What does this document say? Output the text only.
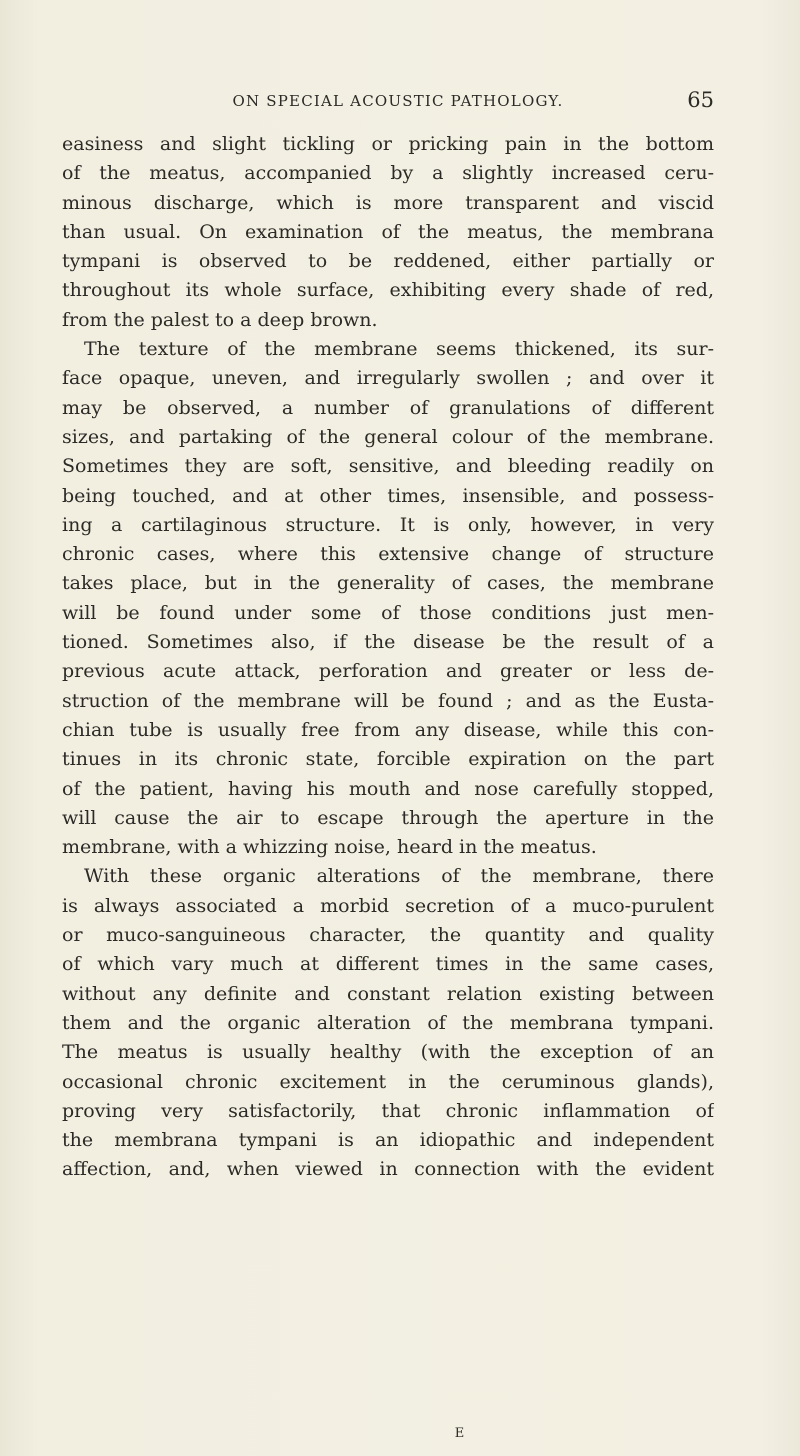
ON SPECIAL ACOUSTIC PATHOLOGY.	65
easiness and slight tickling or pricking pain in the bottom
of the meatus, accompanied by a slightly increased ceru-
minous discharge, which is more transparent and viscid
than usual. On examination of the meatus, the membrana
tympani is observed to be reddened, either partially or
throughout its whole surface, exhibiting every shade of red,
from the palest to a deep brown.
The texture of the membrane seems thickened, its sur-
face opaque, uneven, and irregularly swollen ; and over it
may be observed, a number of granulations of different
sizes, and partaking of the general colour of the membrane.
Sometimes they are soft, sensitive, and bleeding readily on
being touched, and at other times, insensible, and possess-
ing a cartilaginous structure. It is only, however, in very
chronic cases, where this extensive change of structure
takes place, but in the generality of cases, the membrane
will be found under some of those conditions just men-
tioned. Sometimes also, if the disease be the result of a
previous acute attack, perforation and greater or less de-
struction of the membrane will be found ; and as the Eusta-
chian tube is usually free from any disease, while this con-
tinues in its chronic state, forcible expiration on the part
of the patient, having his mouth and nose carefully stopped,
will cause the air to escape through the aperture in the
membrane, with a whizzing noise, heard in the meatus.
With these organic alterations of the membrane, there
is always associated a morbid secretion of a muco-purulent
or muco-sanguineous character, the quantity and quality
of which vary much at different times in the same cases,
without any definite and constant relation existing between
them and the organic alteration of the membrana tympani.
The meatus is usually healthy (with the exception of an
occasional chronic excitement in the ceruminous glands),
proving very satisfactorily, that chronic inflammation of
the membrana tympani is an idiopathic and independent
affection, and, when viewed in connection with the evident
E
